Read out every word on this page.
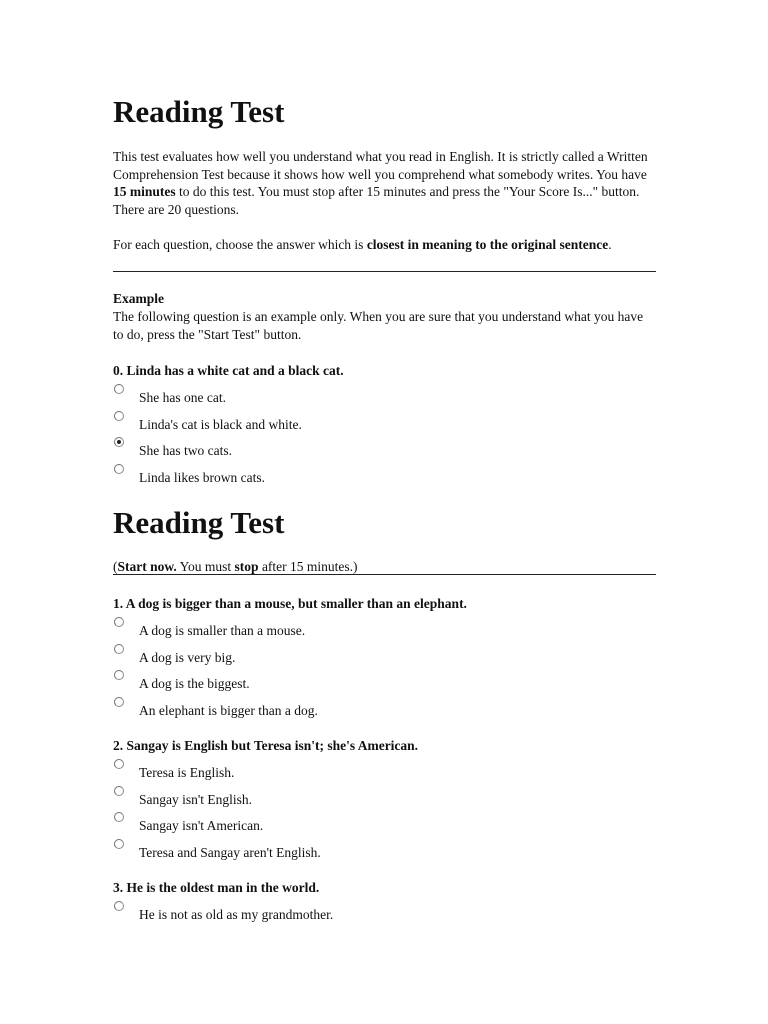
Reading Test

This test evaluates how well you understand what you read in English. It is strictly called a Written Comprehension Test because it shows how well you comprehend what somebody writes. You have 15 minutes to do this test. You must stop after 15 minutes and press the "Your Score Is..." button. There are 20 questions.

For each question, choose the answer which is closest in meaning to the original sentence.

Example

The following question is an example only. When you are sure that you understand what you have to do, press the "Start Test" button.

0. Linda has a white cat and a black cat.
She has one cat.
Linda's cat is black and white.
She has two cats.
Linda likes brown cats.
Reading Test

(Start now. You must stop after 15 minutes.)

1. A dog is bigger than a mouse, but smaller than an elephant.
A dog is smaller than a mouse.
A dog is very big.
A dog is the biggest.
An elephant is bigger than a dog.
2. Sangay is English but Teresa isn't; she's American.
Teresa is English.
Sangay isn't English.
Sangay isn't American.
Teresa and Sangay aren't English.
3. He is the oldest man in the world.
He is not as old as my grandmother.
